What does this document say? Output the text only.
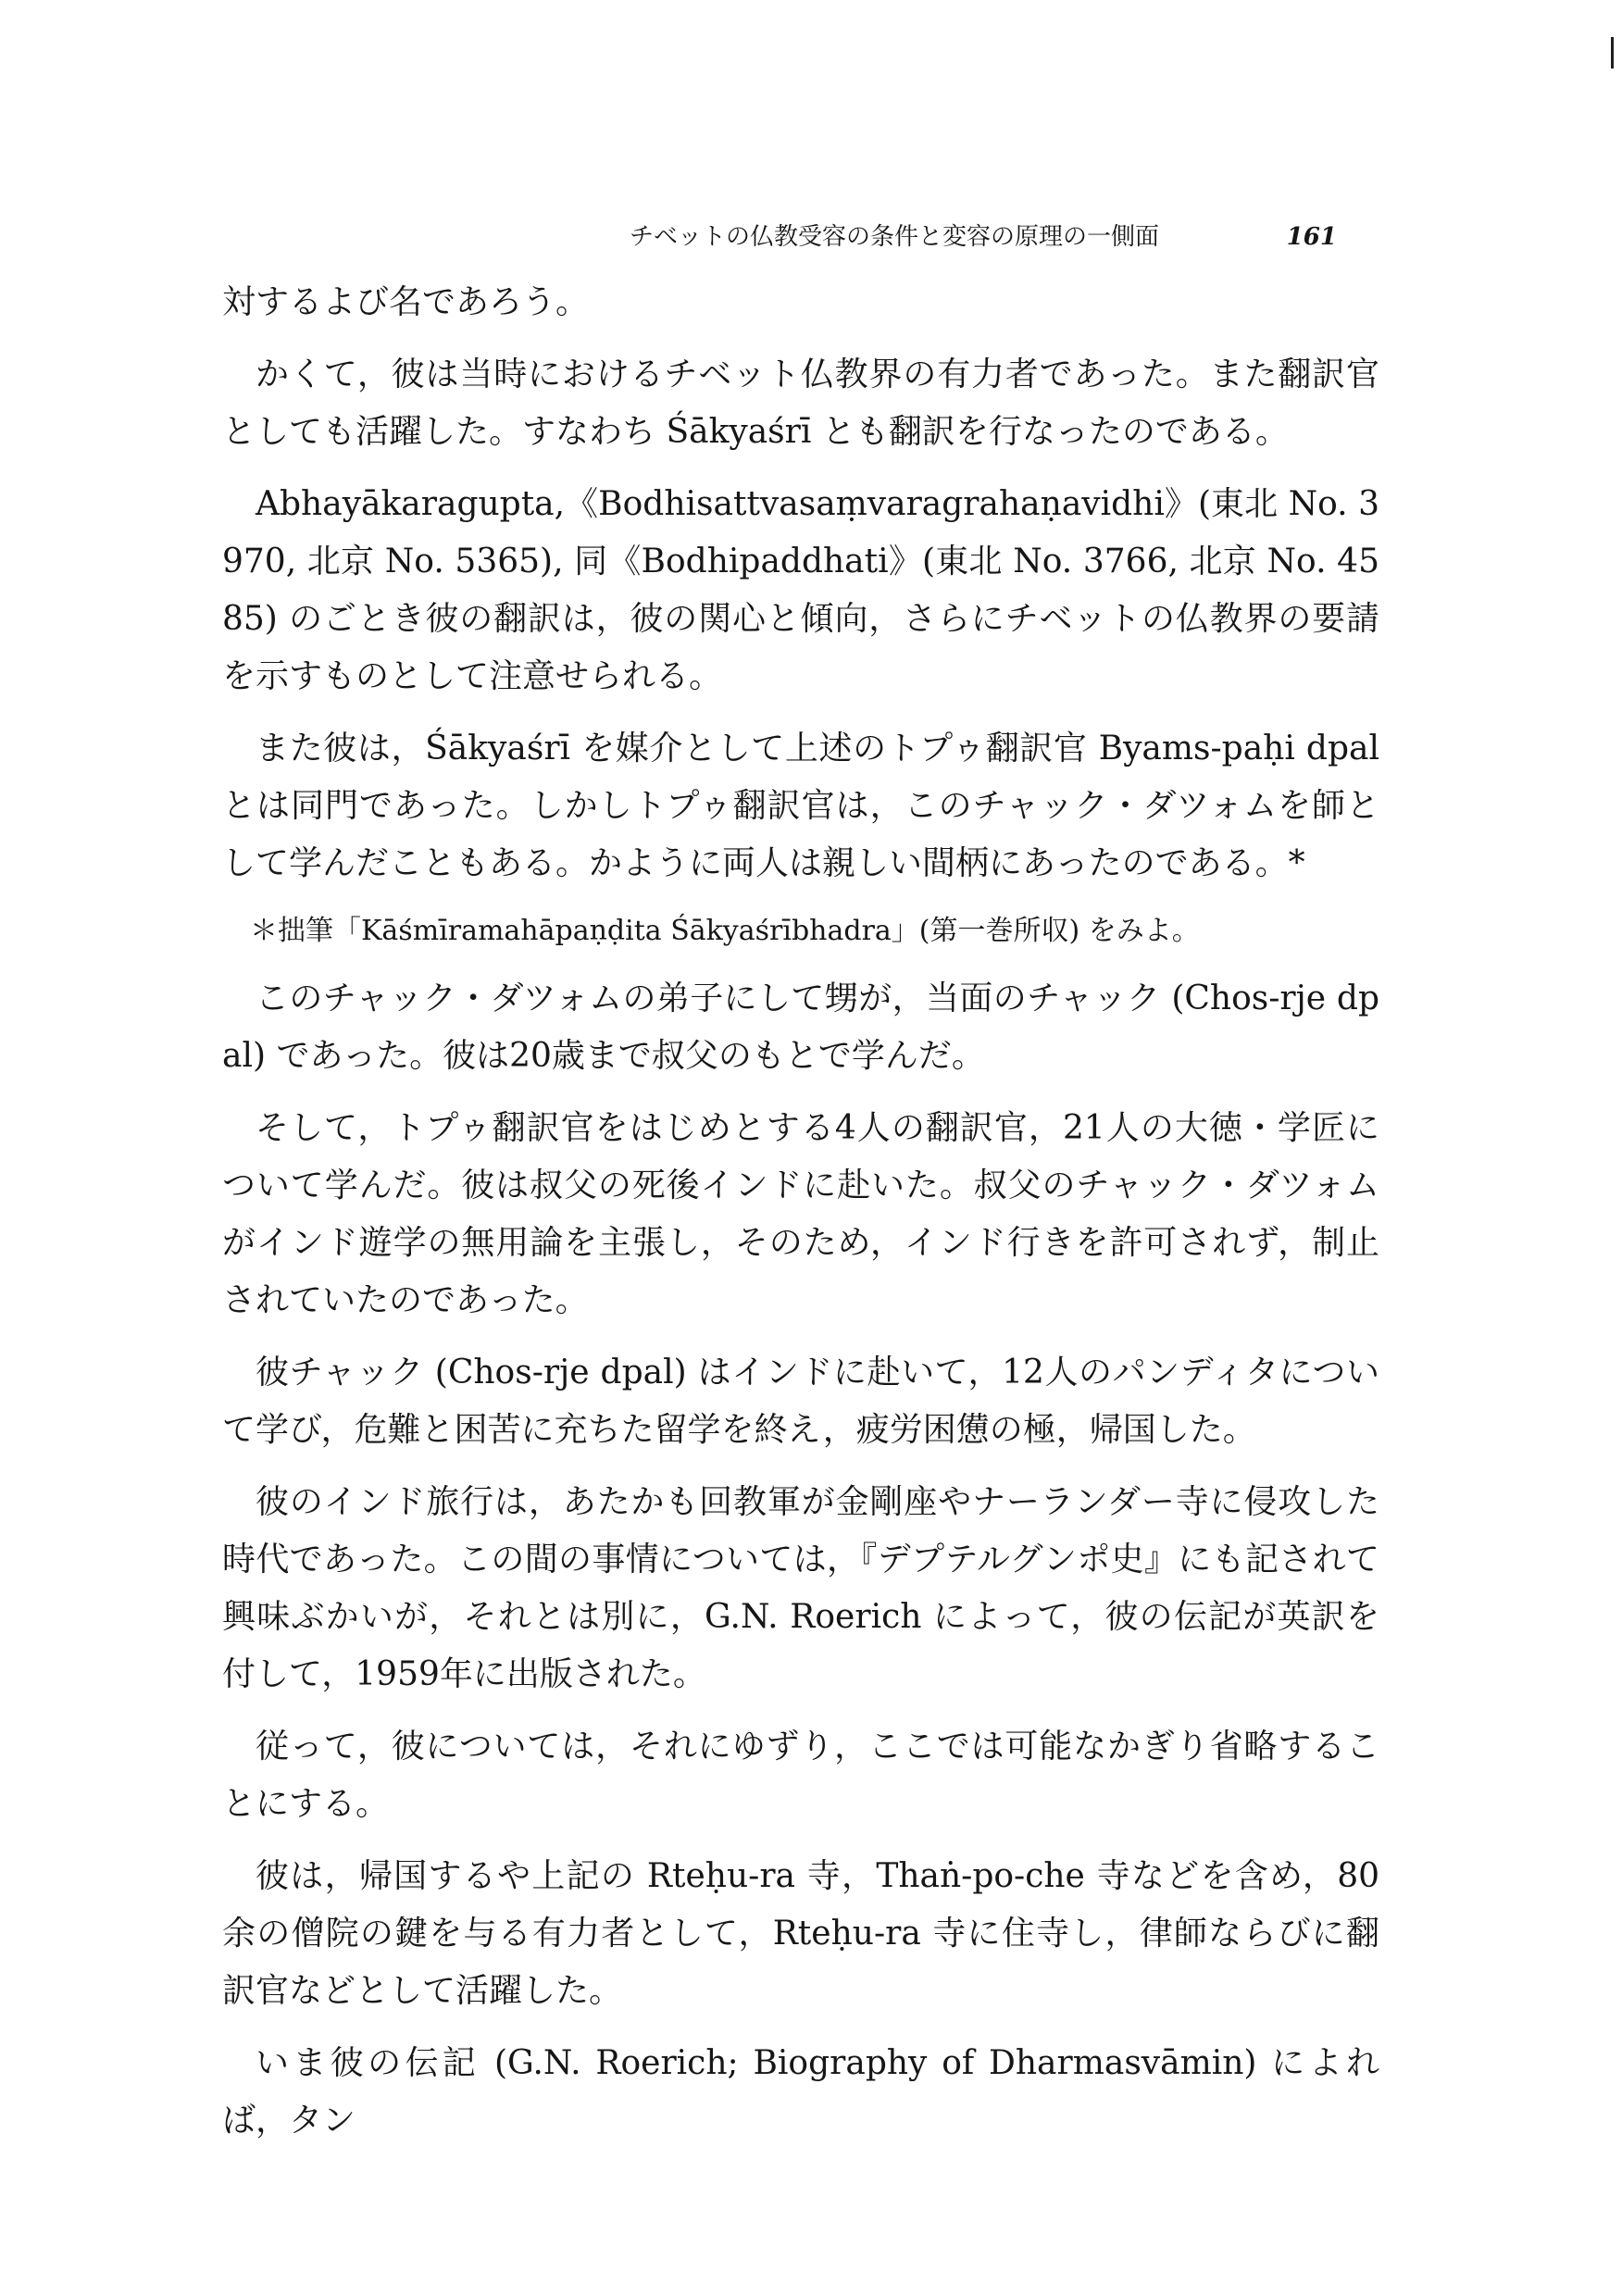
チベットの仏教受容の条件と変容の原理の一側面	161

対するよび名であろう。

かくて，彼は当時におけるチベット仏教界の有力者であった。また翻訳官としても活躍した。すなわち Śākyaśrī とも翻訳を行なったのである。

Abhayākaragupta,《Bodhisattvasaṃvaragrahaṇavidhi》(東北 No. 3970, 北京 No. 5365), 同《Bodhipaddhati》(東北 No. 3766, 北京 No. 4585) のごとき彼の翻訳は，彼の関心と傾向，さらにチベットの仏教界の要請を示すものとして注意せられる。

また彼は，Śākyaśrī を媒介として上述のトプゥ翻訳官 Byams-paḥi dpal とは同門であった。しかしトプゥ翻訳官は，このチャック・ダツォムを師として学んだこともある。かように両人は親しい間柄にあったのである。*

＊拙筆「Kāśmīramahāpaṇḍita Śākyaśrībhadra」(第一巻所収) をみよ。

このチャック・ダツォムの弟子にして甥が，当面のチャック (Chos-rje dpal) であった。彼は20歳まで叔父のもとで学んだ。

そして，トプゥ翻訳官をはじめとする4人の翻訳官，21人の大徳・学匠について学んだ。彼は叔父の死後インドに赴いた。叔父のチャック・ダツォムがインド遊学の無用論を主張し，そのため，インド行きを許可されず，制止されていたのであった。

彼チャック (Chos-rje dpal) はインドに赴いて，12人のパンディタについて学び，危難と困苦に充ちた留学を終え，疲労困憊の極，帰国した。

彼のインド旅行は，あたかも回教軍が金剛座やナーランダー寺に侵攻した時代であった。この間の事情については，『デプテルグンポ史』にも記されて興味ぶかいが，それとは別に，G.N. Roerich によって，彼の伝記が英訳を付して，1959年に出版された。

従って，彼については，それにゆずり，ここでは可能なかぎり省略することにする。

彼は，帰国するや上記の Rteḥu-ra 寺，Thaṅ-po-che 寺などを含め，80余の僧院の鍵を与る有力者として，Rteḥu-ra 寺に住寺し，律師ならびに翻訳官などとして活躍した。

いま彼の伝記 (G.N. Roerich; Biography of Dharmasvāmin) によれば，タン
